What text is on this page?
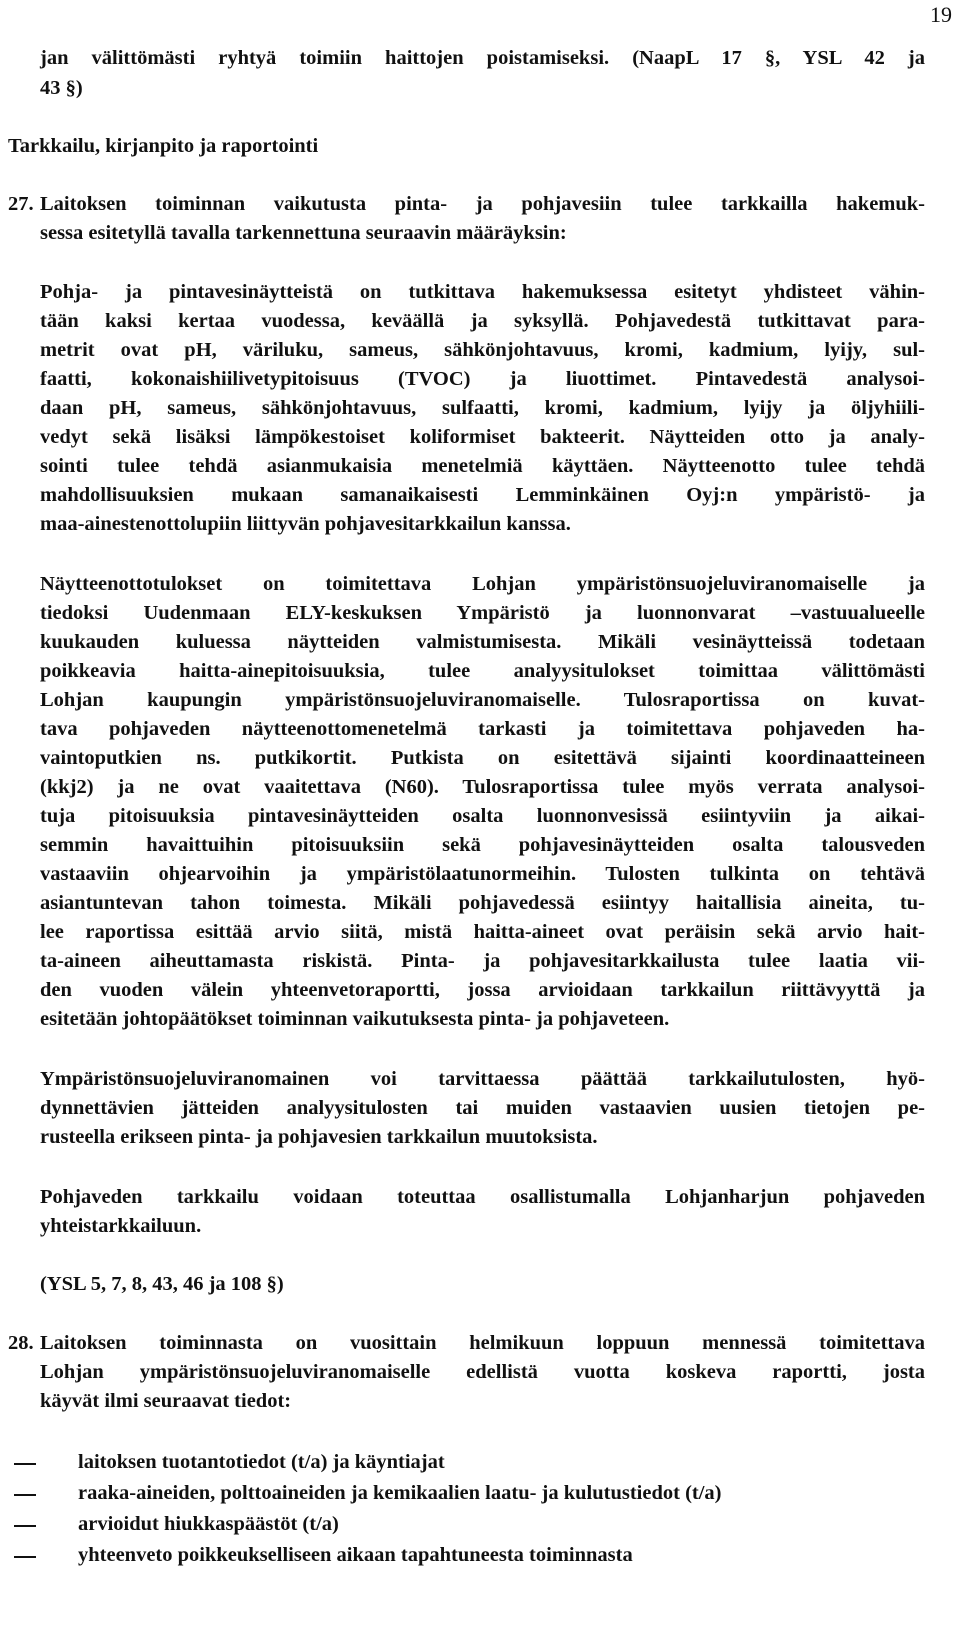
19
jan välittömästi ryhtyä toimiin haittojen poistamiseksi. (NaapL 17 §, YSL 42 ja
43 §)
Tarkkailu, kirjanpito ja raportointi
27. Laitoksen toiminnan vaikutusta pinta- ja pohjavesiin tulee tarkkailla hakemuk-
sessa esitetyllä tavalla tarkennettuna seuraavin määräyksin:
Pohja- ja pintavesinäytteistä on tutkittava hakemuksessa esitetyt yhdisteet vähin-
tään kaksi kertaa vuodessa, keväällä ja syksyllä. Pohjavedestä tutkittavat para-
metrit ovat pH, väriluku, sameus, sähkönjohtavuus, kromi, kadmium, lyijy, sul-
faatti, kokonaishiilivetypitoisuus (TVOC) ja liuottimet. Pintavedestä analysoi-
daan pH, sameus, sähkönjohtavuus, sulfaatti, kromi, kadmium, lyijy ja öljyhiili-
vedyt sekä lisäksi lämpökestoiset koliformiset bakteerit. Näytteiden otto ja analy-
sointi tulee tehdä asianmukaisia menetelmiä käyttäen. Näytteenotto tulee tehdä
mahdollisuuksien mukaan samanaikaisesti Lemminkäinen Oyj:n ympäristö- ja
maa-ainestenottolupiin liittyvän pohjavesitarkkailun kanssa.
Näytteenottotulokset on toimitettava Lohjan ympäristönsuojeluviranomaiselle ja
tiedoksi Uudenmaan ELY-keskuksen Ympäristö ja luonnonvarat –vastuualueelle
kuukauden kuluessa näytteiden valmistumisesta. Mikäli vesinäytteissä todetaan
poikkeavia haitta-ainepitoisuuksia, tulee analyysitulokset toimittaa välittömästi
Lohjan kaupungin ympäristönsuojeluviranomaiselle. Tulosraportissa on kuvat-
tava pohjaveden näytteenottomenetelmä tarkasti ja toimitettava pohjaveden ha-
vaintoputkien ns. putkikortit. Putkista on esitettävä sijainti koordinaatteineen
(kkj2) ja ne ovat vaaitettava (N60). Tulosraportissa tulee myös verrata analysoi-
tuja pitoisuuksia pintavesinäytteiden osalta luonnonvesissä esiintyviin ja aikai-
semmin havaittuihin pitoisuuksiin sekä pohjavesinäytteiden osalta talousveden
vastaaviin ohjearvoihin ja ympäristölaatunormeihin. Tulosten tulkinta on tehtävä
asiantuntevan tahon toimesta. Mikäli pohjavedessä esiintyy haitallisia aineita, tu-
lee raportissa esittää arvio siitä, mistä haitta-aineet ovat peräisin sekä arvio hait-
ta-aineen aiheuttamasta riskistä. Pinta- ja pohjavesitarkkailusta tulee laatia vii-
den vuoden välein yhteenvetoraportti, jossa arvioidaan tarkkailun riittävyyttä ja
esitetään johtopäätökset toiminnan vaikutuksesta pinta- ja pohjaveteen.
Ympäristönsuojeluviranomainen voi tarvittaessa päättää tarkkailutulosten, hyö-
dynnettävien jätteiden analyysitulosten tai muiden vastaavien uusien tietojen pe-
rusteella erikseen pinta- ja pohjavesien tarkkailun muutoksista.
Pohjaveden tarkkailu voidaan toteuttaa osallistumalla Lohjanharjun pohjaveden
yhteistarkkailuun.
(YSL 5, 7, 8, 43, 46 ja 108 §)
28. Laitoksen toiminnasta on vuosittain helmikuun loppuun mennessä toimitettava
Lohjan ympäristönsuojeluviranomaiselle edellistä vuotta koskeva raportti, josta
käyvät ilmi seuraavat tiedot:
laitoksen tuotantotiedot (t/a) ja käyntiajat
raaka-aineiden, polttoaineiden ja kemikaalien laatu- ja kulutustiedot (t/a)
arvioidut hiukkaspäästöt (t/a)
yhteenveto poikkeukselliseen aikaan tapahtuneesta toiminnasta
